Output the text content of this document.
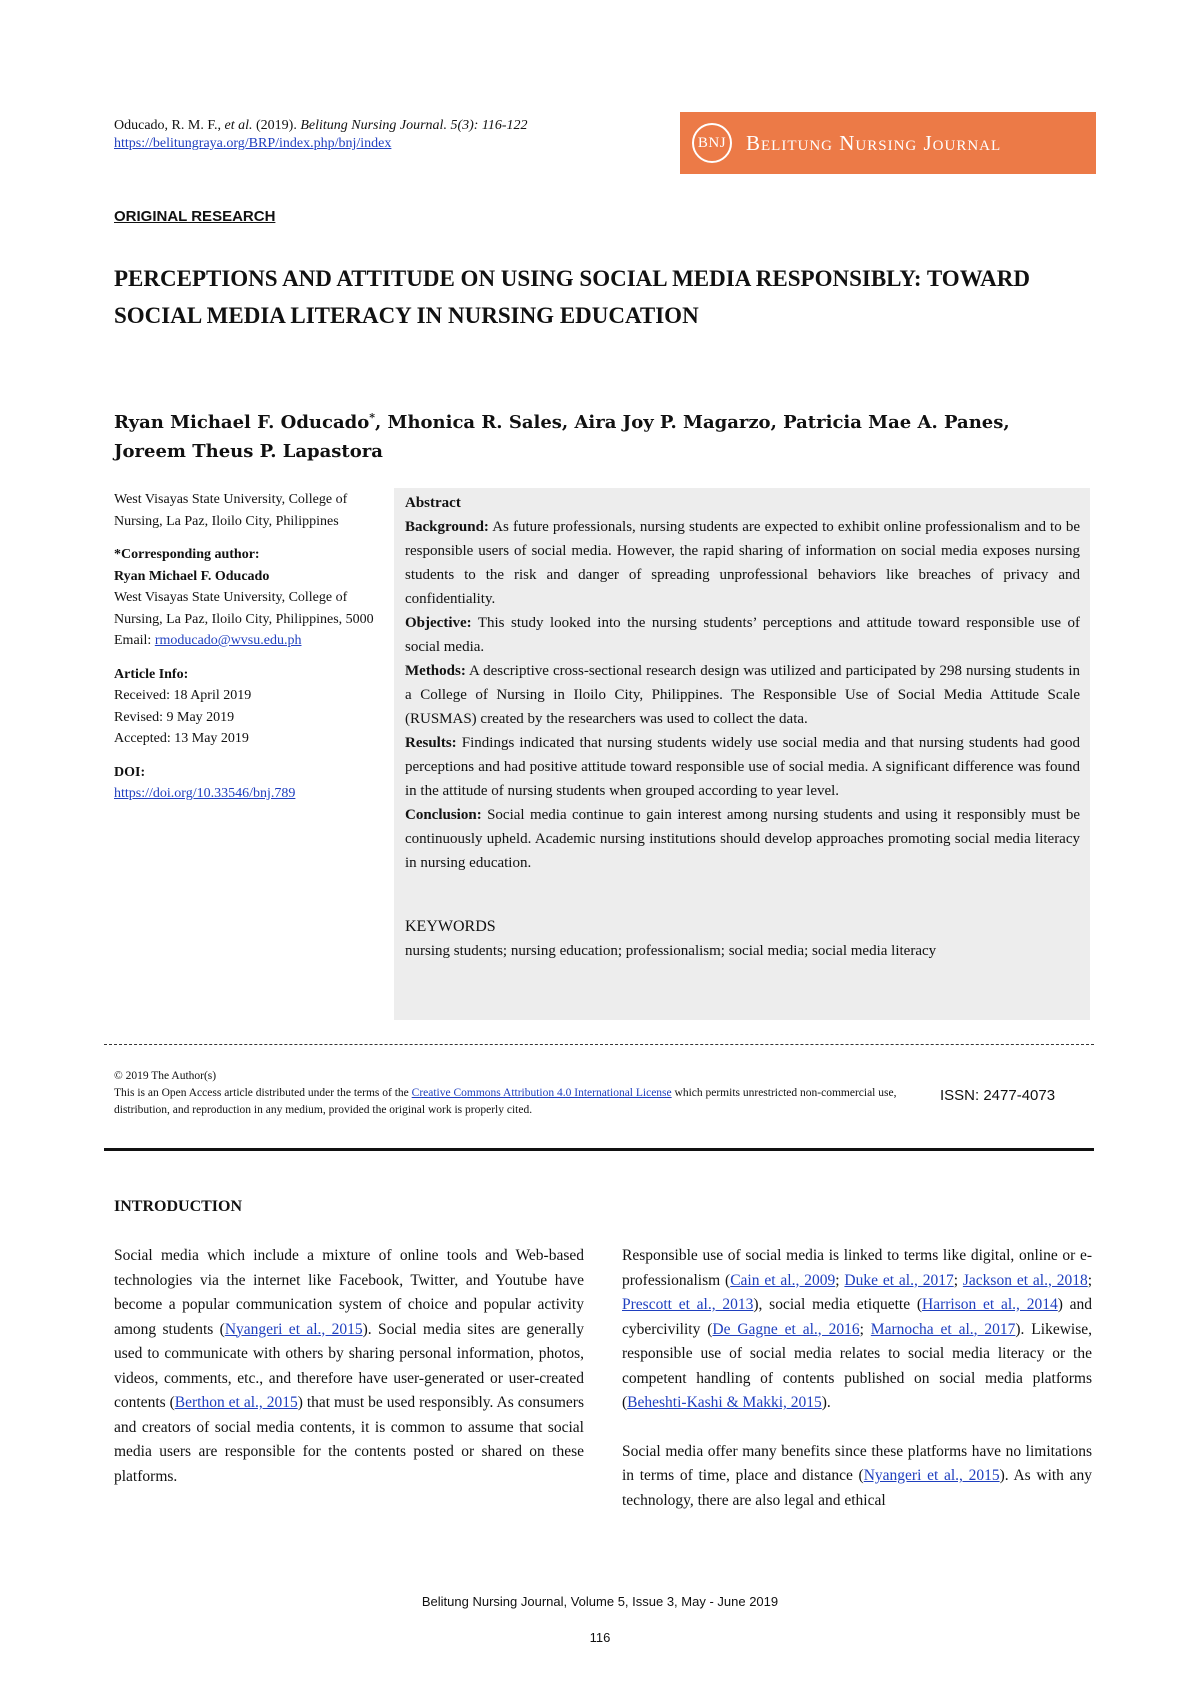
Oducado, R. M. F., et al. (2019). Belitung Nursing Journal. 5(3): 116-122
https://belitungraya.org/BRP/index.php/bnj/index	BNJ Belitung Nursing Journal
ORIGINAL RESEARCH
PERCEPTIONS AND ATTITUDE ON USING SOCIAL MEDIA RESPONSIBLY: TOWARD SOCIAL MEDIA LITERACY IN NURSING EDUCATION
Ryan Michael F. Oducado*, Mhonica R. Sales, Aira Joy P. Magarzo, Patricia Mae A. Panes, Joreem Theus P. Lapastora
West Visayas State University, College of Nursing, La Paz, Iloilo City, Philippines
*Corresponding author:
Ryan Michael F. Oducado
West Visayas State University, College of Nursing, La Paz, Iloilo City, Philippines, 5000
Email: rmoducado@wvsu.edu.ph
Article Info:
Received: 18 April 2019
Revised: 9 May 2019
Accepted: 13 May 2019
DOI:
https://doi.org/10.33546/bnj.789

Abstract

Background: As future professionals, nursing students are expected to exhibit online professionalism and to be responsible users of social media. However, the rapid sharing of information on social media exposes nursing students to the risk and danger of spreading unprofessional behaviors like breaches of privacy and confidentiality.

Objective: This study looked into the nursing students’ perceptions and attitude toward responsible use of social media.

Methods: A descriptive cross-sectional research design was utilized and participated by 298 nursing students in a College of Nursing in Iloilo City, Philippines. The Responsible Use of Social Media Attitude Scale (RUSMAS) created by the researchers was used to collect the data.

Results: Findings indicated that nursing students widely use social media and that nursing students had good perceptions and had positive attitude toward responsible use of social media. A significant difference was found in the attitude of nursing students when grouped according to year level.

Conclusion: Social media continue to gain interest among nursing students and using it responsibly must be continuously upheld. Academic nursing institutions should develop approaches promoting social media literacy in nursing education.

KEYWORDS

nursing students; nursing education; professionalism; social media; social media literacy

© 2019 The Author(s)
This is an Open Access article distributed under the terms of the Creative Commons Attribution 4.0 International License which permits unrestricted non-commercial use, distribution, and reproduction in any medium, provided the original work is properly cited.
ISSN: 2477-4073
INTRODUCTION

Social media which include a mixture of online tools and Web-based technologies via the internet like Facebook, Twitter, and Youtube have become a popular communication system of choice and popular activity among students (Nyangeri et al., 2015). Social media sites are generally used to communicate with others by sharing personal information, photos, videos, comments, etc., and therefore have user-generated or user-created contents (Berthon et al., 2015) that must be used responsibly. As consumers and creators of social media contents, it is common to assume that social media users are responsible for the contents posted or shared on these platforms.

Responsible use of social media is linked to terms like digital, online or e-professionalism (Cain et al., 2009; Duke et al., 2017; Jackson et al., 2018; Prescott et al., 2013), social media etiquette (Harrison et al., 2014) and cybercivility (De Gagne et al., 2016; Marnocha et al., 2017). Likewise, responsible use of social media relates to social media literacy or the competent handling of contents published on social media platforms (Beheshti-Kashi & Makki, 2015).

Social media offer many benefits since these platforms have no limitations in terms of time, place and distance (Nyangeri et al., 2015). As with any technology, there are also legal and ethical

Belitung Nursing Journal, Volume 5, Issue 3, May - June 2019
116
